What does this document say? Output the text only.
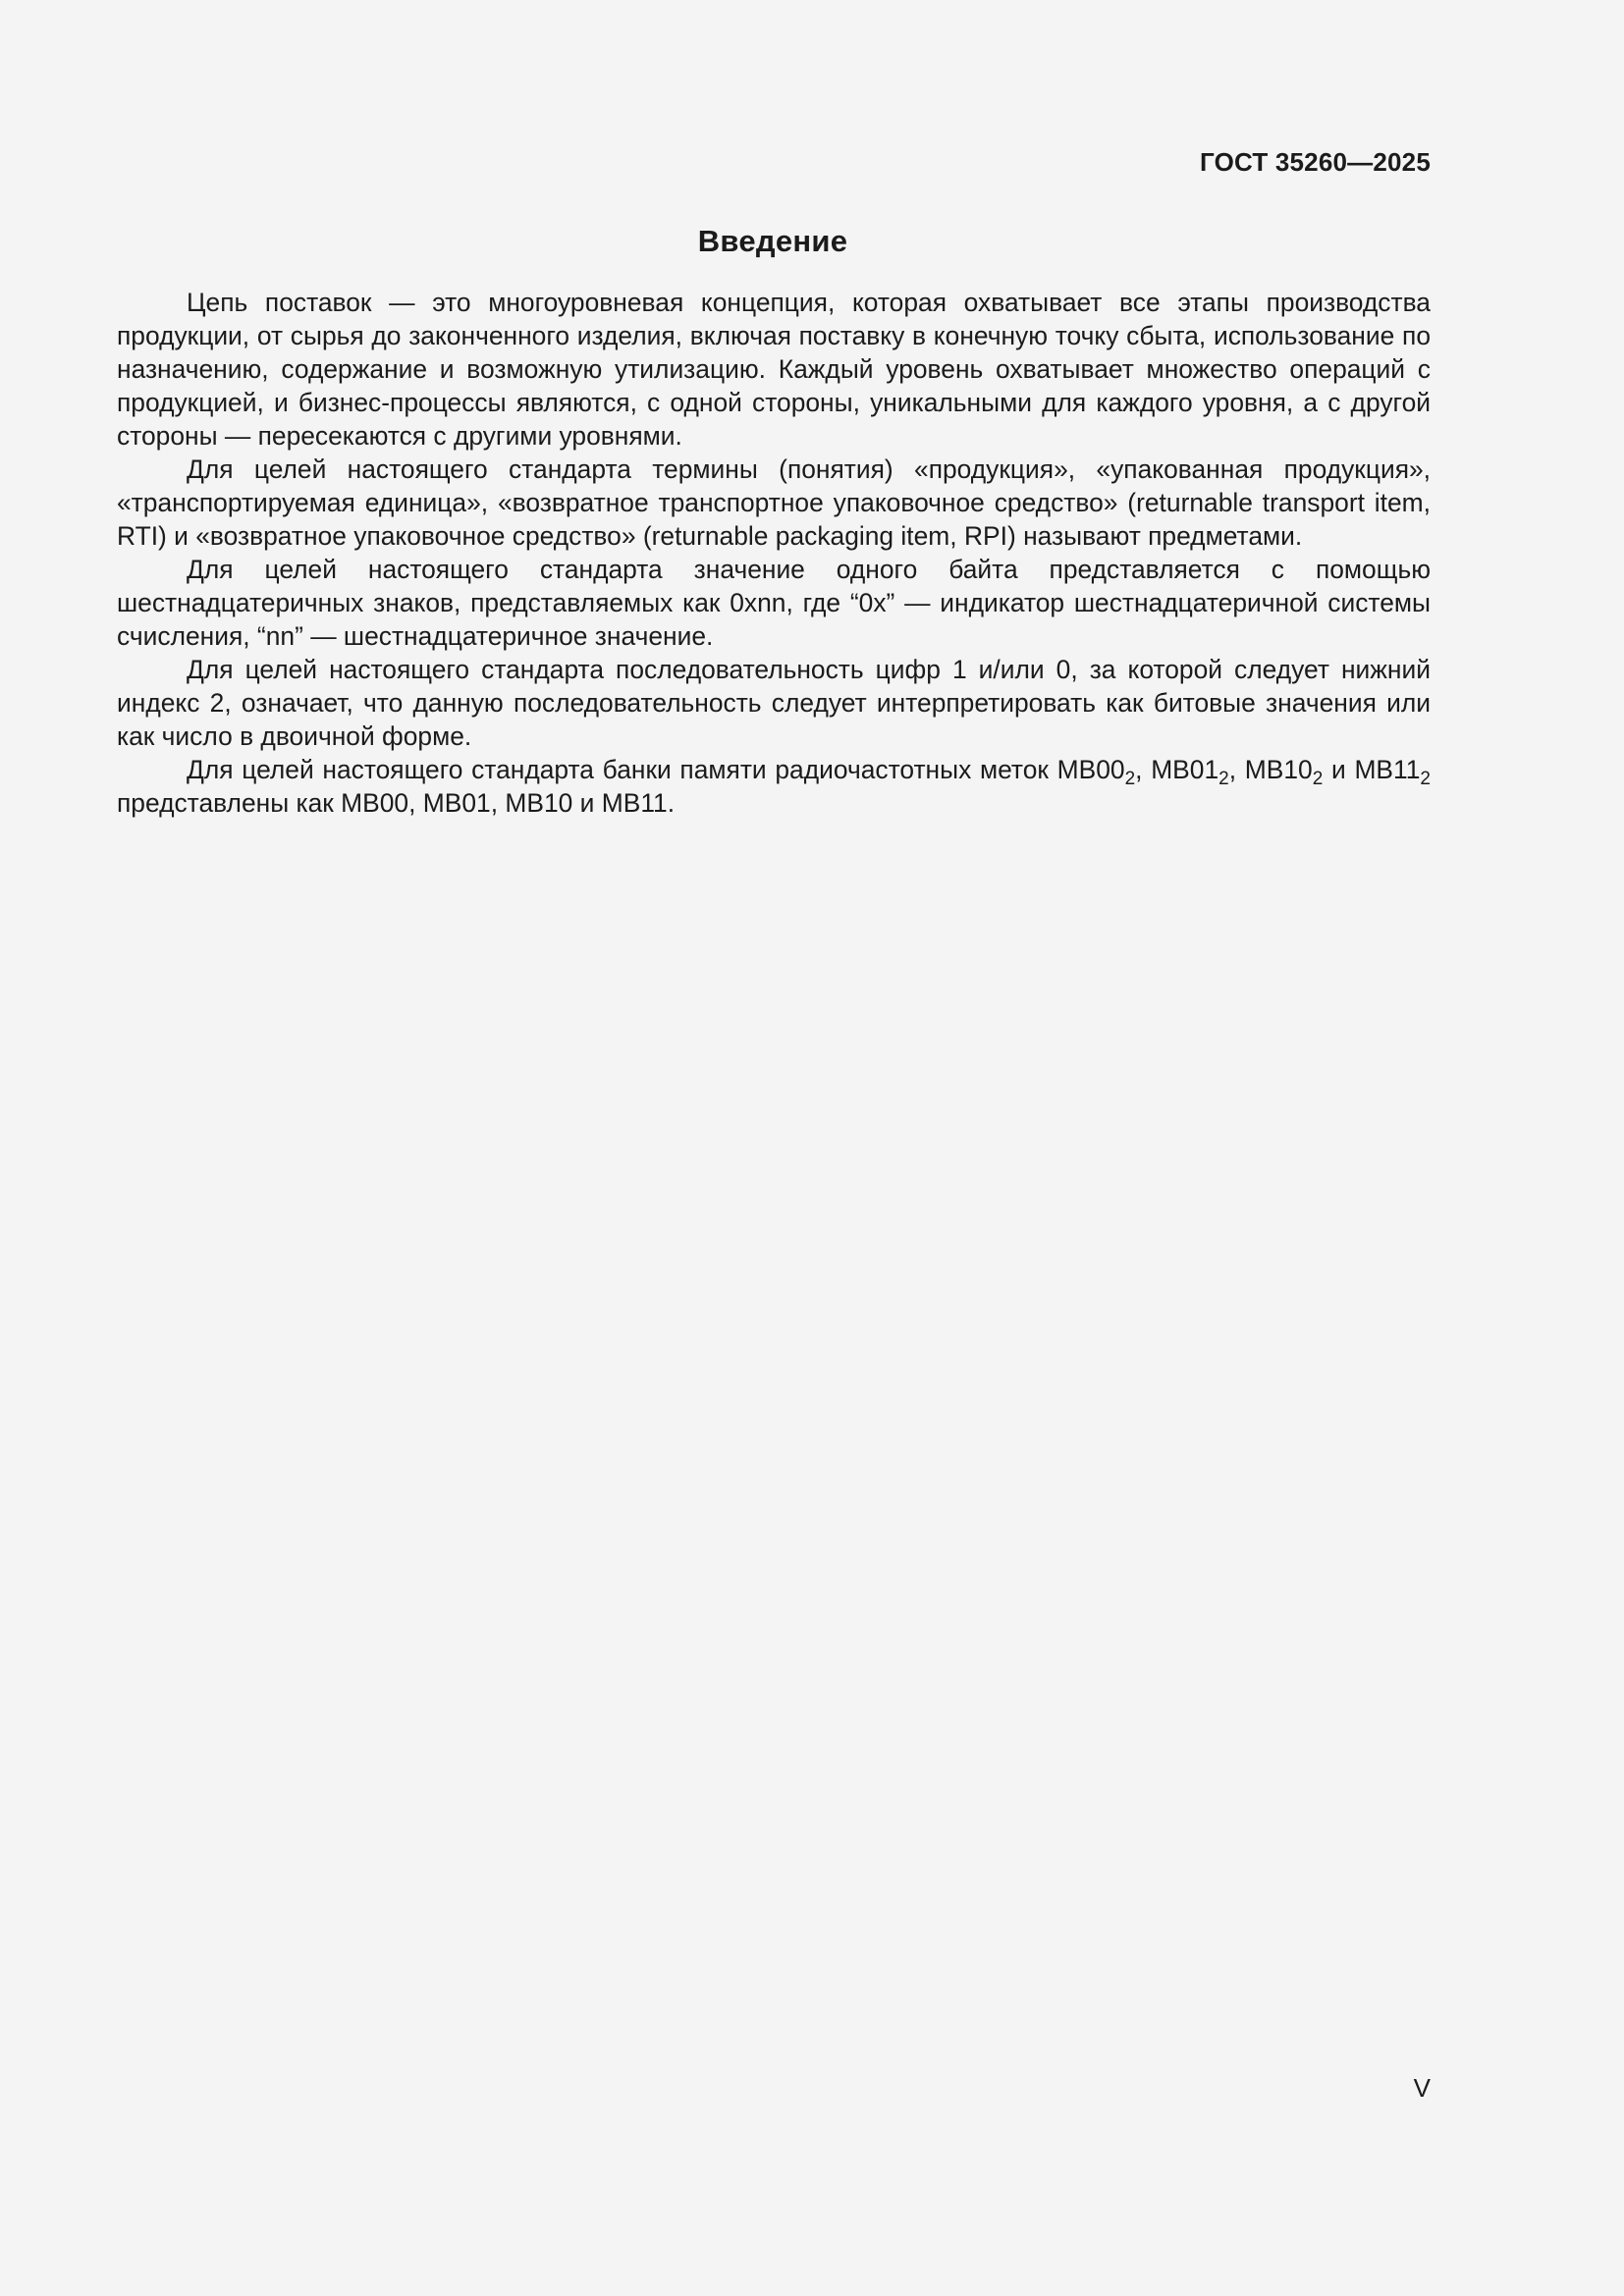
ГОСТ 35260—2025
Введение

Цепь поставок — это многоуровневая концепция, которая охватывает все этапы производства продукции, от сырья до законченного изделия, включая поставку в конечную точку сбыта, использование по назначению, содержание и возможную утилизацию. Каждый уровень охватывает множество операций с продукцией, и бизнес-процессы являются, с одной стороны, уникальными для каждого уровня, а с другой стороны — пересекаются с другими уровнями.

Для целей настоящего стандарта термины (понятия) «продукция», «упакованная продукция», «транспортируемая единица», «возвратное транспортное упаковочное средство» (returnable transport item, RTI) и «возвратное упаковочное средство» (returnable packaging item, RPI) называют предметами.

Для целей настоящего стандарта значение одного байта представляется с помощью шестнадцатеричных знаков, представляемых как 0xnn, где “0x” — индикатор шестнадцатеричной системы счисления, “nn” — шестнадцатеричное значение.

Для целей настоящего стандарта последовательность цифр 1 и/или 0, за которой следует нижний индекс 2, означает, что данную последовательность следует интерпретировать как битовые значения или как число в двоичной форме.

Для целей настоящего стандарта банки памяти радиочастотных меток $MB00_2$, $MB01_2$, $MB10_2$ и $MB11_2$ представлены как MB00, MB01, MB10 и MB11.

V
